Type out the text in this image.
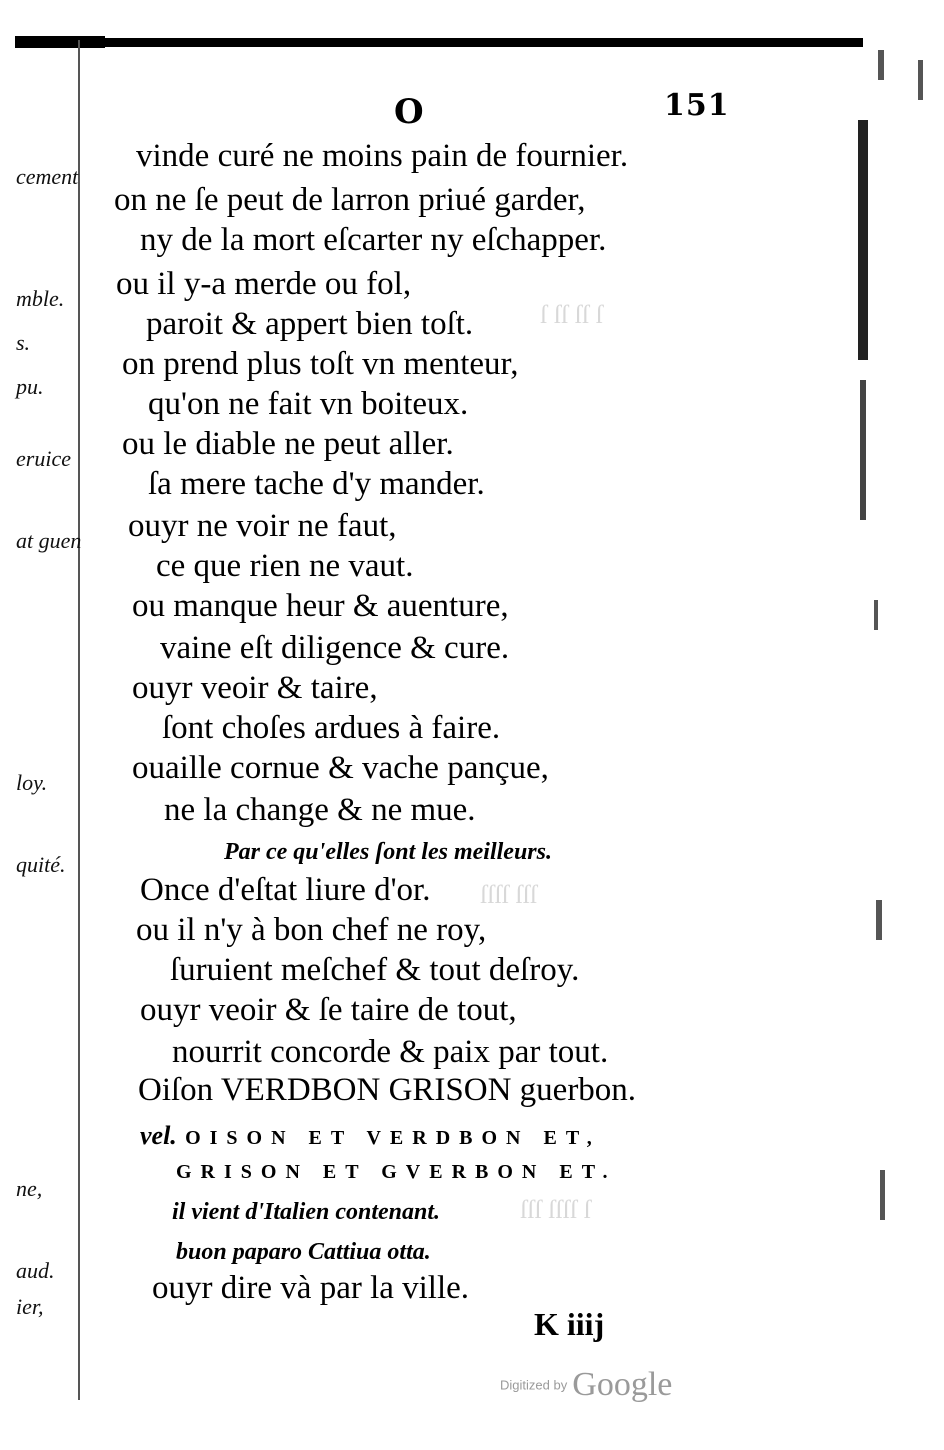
ſ ſſ ſſ ſ
ſſſſ ſſſ
ſſſ ſſſſ ſ
O	151
vinde curé ne moins pain de fournier.
on ne ſe peut de larron priué garder,
ny de la mort eſcarter ny eſchapper.
ou il y-a merde ou fol,
paroit & appert bien toſt.
on prend plus toſt vn menteur,
qu'on ne fait vn boiteux.
ou le diable ne peut aller.
ſa mere tache d'y mander.
ouyr ne voir ne faut,
ce que rien ne vaut.
ou manque heur & auenture,
vaine eſt diligence & cure.
ouyr veoir & taire,
ſont choſes ardues à faire.
ouaille cornue & vache pançue,
ne la change & ne mue.
Par ce qu'elles ſont les meilleurs.
Once d'eſtat liure d'or.
ou il n'y à bon chef ne roy,
ſuruient meſchef & tout deſroy.
ouyr veoir & ſe taire de tout,
nourrit concorde & paix par tout.
Oiſon VERDBON GRISON guerbon.
vel. OISON ET VERDBON ET,
GRISON ET GVERBON ET.
il vient d'Italien contenant.
buon paparo Cattiua otta.
ouyr dire và par la ville.
K iiij
cement
mble.
s.
pu.
eruice
at guen
loy.
quité.
ne,
aud.
ier,
Digitized by Google
